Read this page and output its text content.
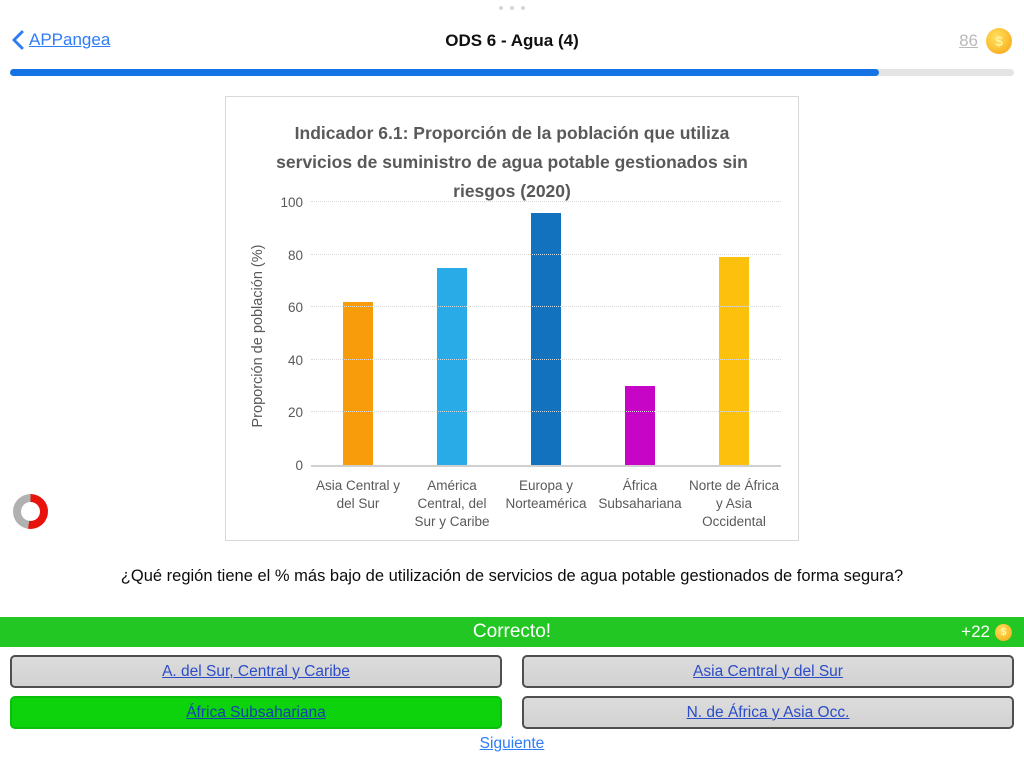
APPangea	ODS 6 - Agua (4)	86
$
Indicador 6.1: Proporción de la población que utiliza servicios de suministro de agua potable gestionados sin riesgos (2020)
Proporción de población (%)
0
20
40
60
80
100
Asia Central y del Sur
América Central, del Sur y Caribe
Europa y Norteamérica
África Subsahariana
Norte de África y Asia Occidental
¿Qué región tiene el % más bajo de utilización de servicios de agua potable gestionados de forma segura?
Correcto!	+22
$
A. del Sur, Central y Caribe	Asia Central y del Sur
África Subsahariana	N. de África y Asia Occ.
Siguiente
